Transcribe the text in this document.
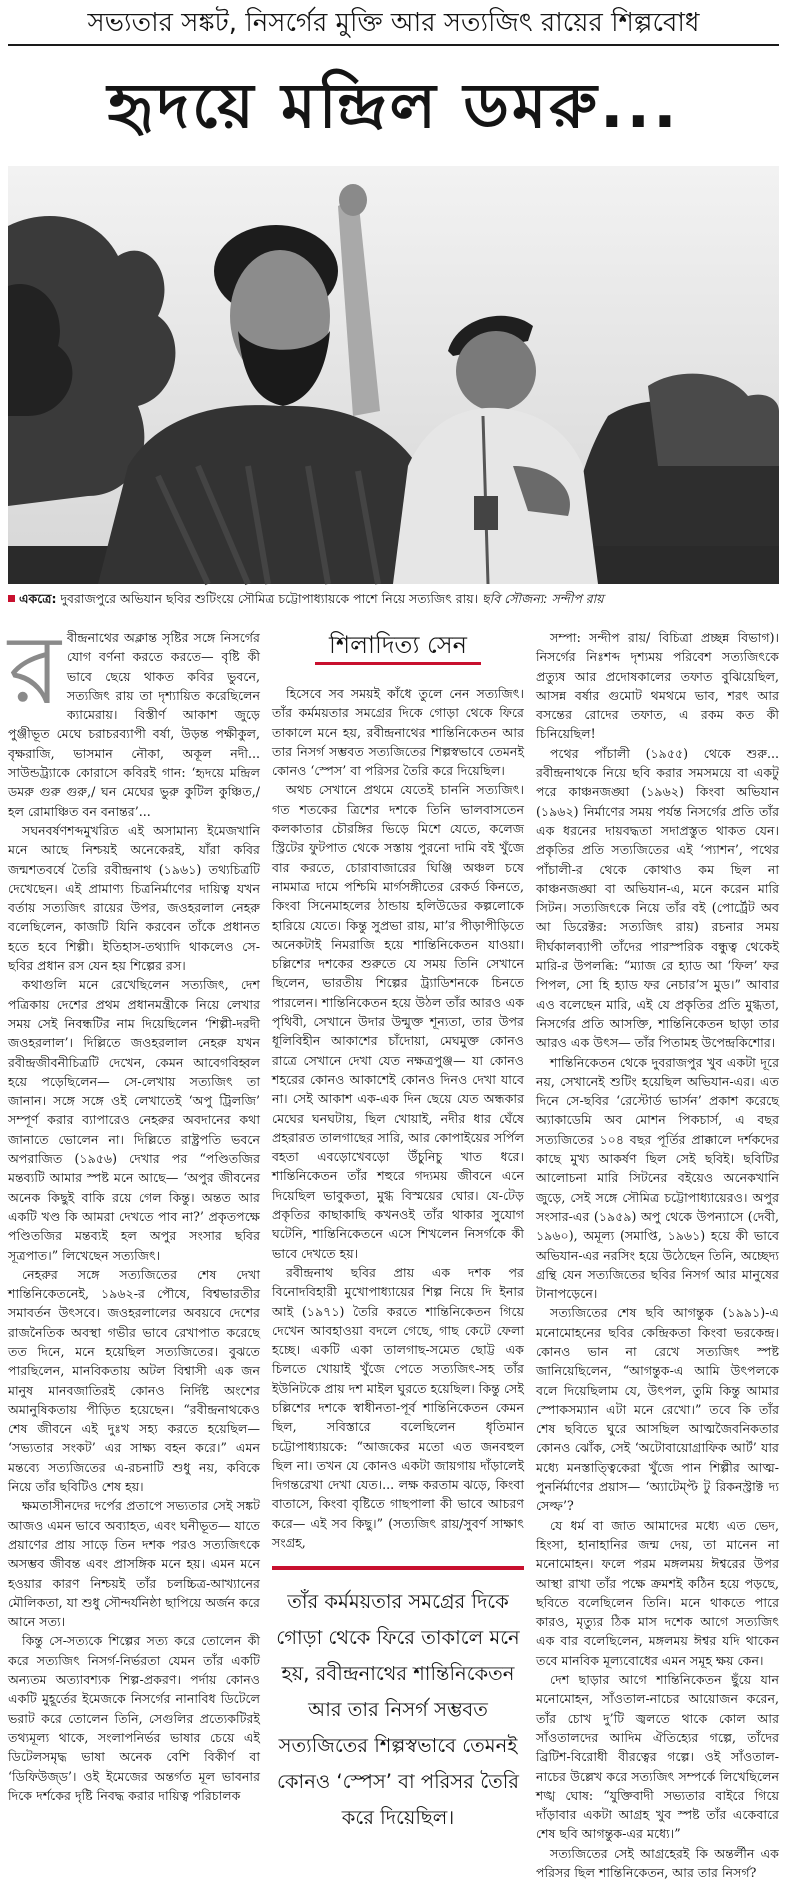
সভ্যতার সঙ্কট, নিসর্গের মুক্তি আর সত্যজিৎ রায়ের শিল্পবোধ
হৃদয়ে মন্দ্রিল ডমরু...
একত্রে: দুবরাজপুরে অভিযান ছবির শুটিংয়ে সৌমিত্র চট্টোপাধ্যায়কে পাশে নিয়ে সত্যজিৎ রায়। ছবি সৌজন্য: সন্দীপ রায়
র বীন্দ্রনাথের অক্লান্ত সৃষ্টির সঙ্গে নিসর্গের যোগ বর্ণনা করতে করতে— বৃষ্টি কী ভাবে ছেয়ে থাকত কবির ভুবনে, সত্যজিৎ রায় তা দৃশ্যায়িত করেছিলেন ক্যামেরায়। বিস্তীর্ণ আকাশ জুড়ে পুঞ্জীভূত মেঘে চরাচরব্যাপী বর্ষা, উড়ন্ত পক্ষীকুল, বৃক্ষরাজি, ভাসমান নৌকা, অকূল নদী... সাউন্ডট্র্যাকে কোরাসে কবিরই গান: ‘হৃদয়ে মন্দ্রিল ডমরু গুরু গুরু,/ ঘন মেঘের ভুরু কুটিল কুঞ্চিত,/ হল রোমাঞ্চিত বন বনান্তর’...

সঘনবর্ষণশব্দমুখরিত এই অসামান্য ইমেজখানি মনে আছে নিশ্চয়ই অনেকেরই, যাঁরা কবির জন্মশতবর্ষে তৈরি রবীন্দ্রনাথ (১৯৬১) তথ্যচিত্রটি দেখেছেন। এই প্রামাণ্য চিত্রনির্মাণের দায়িত্ব যখন বর্তায় সত্যজিৎ রায়ের উপর, জওহরলাল নেহরু বলেছিলেন, কাজটি যিনি করবেন তাঁকে প্রধানত হতে হবে শিল্পী। ইতিহাস-তথ্যাদি থাকলেও সে-ছবির প্রধান রস যেন হয় শিল্পের রস।

কথাগুলি মনে রেখেছিলেন সত্যজিৎ, দেশ পত্রিকায় দেশের প্রথম প্রধানমন্ত্রীকে নিয়ে লেখার সময় সেই নিবন্ধটির নাম দিয়েছিলেন ‘শিল্পী-দরদী জওহরলাল’। দিল্লিতে জওহরলাল নেহরু যখন রবীন্দ্রজীবনীচিত্রটি দেখেন, কেমন আবেগবিহ্বল হয়ে পড়েছিলেন— সে-লেখায় সত্যজিৎ তা জানান। সঙ্গে সঙ্গে ওই লেখাতেই ‘অপু ট্রিলজি’ সম্পূর্ণ করার ব্যাপারেও নেহরুর অবদানের কথা জানাতে ভোলেন না। দিল্লিতে রাষ্ট্রপতি ভবনে অপরাজিত (১৯৫৬) দেখার পর “পণ্ডিতজির মন্তব্যটি আমার স্পষ্ট মনে আছে— ‘অপুর জীবনের অনেক কিছুই বাকি রয়ে গেল কিন্তু। অন্তত আর একটি খণ্ড কি আমরা দেখতে পাব না?’ প্রকৃতপক্ষে পণ্ডিতজির মন্তব্যই হল অপুর সংসার ছবির সূত্রপাত।” লিখেছেন সত্যজিৎ।

নেহরুর সঙ্গে সত্যজিতের শেষ দেখা শান্তিনিকেতনেই, ১৯৬২-র পৌষে, বিশ্বভারতীর সমাবর্তন উৎসবে। জওহরলালের অবয়বে দেশের রাজনৈতিক অবস্থা গভীর ভাবে রেখাপাত করেছে তত দিনে, মনে হয়েছিল সত্যজিতের। বুঝতে পারছিলেন, মানবিকতায় অটল বিশ্বাসী এক জন মানুষ মানবজাতিরই কোনও নির্দিষ্ট অংশের অমানুষিকতায় পীড়িত হয়েছেন। “রবীন্দ্রনাথকেও শেষ জীবনে এই দুঃখ সহ্য করতে হয়েছিল— ‘সভ্যতার সংকট’ এর সাক্ষ্য বহন করে।” এমন মন্তব্যে সত্যজিতের এ-রচনাটি শুধু নয়, কবিকে নিয়ে তাঁর ছবিটিও শেষ হয়।

ক্ষমতাসীনদের দর্পের প্রতাপে সভ্যতার সেই সঙ্কট আজও এমন ভাবে অব্যাহত, এবং ঘনীভূত— যাতে প্রয়াণের প্রায় সাড়ে তিন দশক পরও সত্যজিৎকে অসম্ভব জীবন্ত এবং প্রাসঙ্গিক মনে হয়। এমন মনে হওয়ার কারণ নিশ্চয়ই তাঁর চলচ্চিত্র-আখ্যানের মৌলিকতা, যা শুধু সৌন্দর্যনিষ্ঠা ছাপিয়ে অর্জন করে আনে সত্য।

কিন্তু সে-সত্যকে শিল্পের সত্য করে তোলেন কী করে সত্যজিৎ নিসর্গ-নির্ভরতা যেমন তাঁর একটি অন্যতম অত্যাবশ্যক শিল্প-প্রকরণ। পর্দায় কোনও একটি মুহূর্তের ইমেজকে নিসর্গের নানাবিধ ডিটেলে ভরাট করে তোলেন তিনি, সেগুলির প্রত্যেকটিরই তথ্যমূল্য থাকে, সংলাপনির্ভর ভাষার চেয়ে এই ডিটেলসমৃদ্ধ ভাষা অনেক বেশি বিকীর্ণ বা ‘ডিফিউজ্ড’। ওই ইমেজের অন্তর্গত মূল ভাবনার দিকে দর্শকের দৃষ্টি নিবদ্ধ করার দায়িত্ব পরিচালক

শিলাদিত্য সেন

হিসেবে সব সময়ই কাঁধে তুলে নেন সত্যজিৎ। তাঁর কর্মময়তার সমগ্রের দিকে গোড়া থেকে ফিরে তাকালে মনে হয়, রবীন্দ্রনাথের শান্তিনিকেতন আর তার নিসর্গ সম্ভবত সত্যজিতের শিল্পস্বভাবে তেমনই কোনও ‘স্পেস’ বা পরিসর তৈরি করে দিয়েছিল।

অথচ সেখানে প্রথমে যেতেই চাননি সত্যজিৎ। গত শতকের ত্রিশের দশকে তিনি ভালবাসতেন কলকাতার চৌরঙ্গির ভিড়ে মিশে যেতে, কলেজ স্ট্রিটের ফুটপাত থেকে সস্তায় পুরনো দামি বই খুঁজে বার করতে, চোরাবাজারের ঘিঞ্জি অঞ্চল চষে নামমাত্র দামে পশ্চিমি মার্গসঙ্গীতের রেকর্ড কিনতে, কিংবা সিনেমাহলের ঠান্ডায় হলিউডের কল্পলোকে হারিয়ে যেতে। কিন্তু সুপ্রভা রায়, মা’র পীড়াপীড়িতে অনেকটাই নিমরাজি হয়ে শান্তিনিকেতন যাওয়া। চল্লিশের দশকের শুরুতে যে সময় তিনি সেখানে ছিলেন, ভারতীয় শিল্পের ট্র্যাডিশনকে চিনতে পারলেন। শান্তিনিকেতন হয়ে উঠল তাঁর আরও এক পৃথিবী, সেখানে উদার উন্মুক্ত শূন্যতা, তার উপর ধূলিবিহীন আকাশের চাঁদোয়া, মেঘমুক্ত কোনও রাত্রে সেখানে দেখা যেত নক্ষত্রপুঞ্জ— যা কোনও শহরের কোনও আকাশেই কোনও দিনও দেখা যাবে না। সেই আকাশ এক-এক দিন ছেয়ে যেত অন্ধকার মেঘের ঘনঘটায়, ছিল খোয়াই, নদীর ধার ঘেঁষে প্রহরারত তালগাছের সারি, আর কোপাইয়ের সর্পিল বহতা এবড়োখেবড়ো উঁচুনিচু খাত ধরে। শান্তিনিকেতন তাঁর শহুরে গদ্যময় জীবনে এনে দিয়েছিল ভাবুকতা, মুগ্ধ বিস্ময়ের ঘোর। যে-টেড় প্রকৃতির কাছাকাছি কখনওই তাঁর থাকার সুযোগ ঘটেনি, শান্তিনিকেতনে এসে শিখলেন নিসর্গকে কী ভাবে দেখতে হয়।

রবীন্দ্রনাথ ছবির প্রায় এক দশক পর বিনোদবিহারী মুখোপাধ্যায়ের শিল্প নিয়ে দি ইনার আই (১৯৭১) তৈরি করতে শান্তিনিকেতন গিয়ে দেখেন আবহাওয়া বদলে গেছে, গাছ কেটে ফেলা হচ্ছে। একটি একা তালগাছ-সমেত ছোট্ট এক চিলতে খোয়াই খুঁজে পেতে সত্যজিৎ-সহ তাঁর ইউনিটকে প্রায় দশ মাইল ঘুরতে হয়েছিল। কিন্তু সেই চল্লিশের দশকে স্বাধীনতা-পূর্ব শান্তিনিকেতন কেমন ছিল, সবিস্তারে বলেছিলেন ধৃতিমান চট্টোপাধ্যায়কে: “আজকের মতো এত জনবহুল ছিল না। তখন যে কোনও একটা জায়গায় দাঁড়ালেই দিগন্তরেখা দেখা যেত।... লক্ষ করতাম ঝড়ে, কিংবা বাতাসে, কিংবা বৃষ্টিতে গাছপালা কী ভাবে আচরণ করে— এই সব কিছু।” (সত্যজিৎ রায়/সুবর্ণ সাক্ষাৎ সংগ্রহ,

তাঁর কর্মময়তার সমগ্রের দিকে গোড়া থেকে ফিরে তাকালে মনে হয়, রবীন্দ্রনাথের শান্তিনিকেতন আর তার নিসর্গ সম্ভবত সত্যজিতের শিল্পস্বভাবে তেমনই কোনও ‘স্পেস’ বা পরিসর তৈরি করে দিয়েছিল।

সম্পা: সন্দীপ রায়/ বিচিত্রা প্রচ্ছন্ন বিভাগ)। নিসর্গের নিঃশব্দ দৃশ্যময় পরিবেশ সত্যজিৎকে প্রত্যুষ আর প্রদোষকালের তফাত বুঝিয়েছিল, আসন্ন বর্ষার গুমোট থমথমে ভাব, শরৎ আর বসন্তের রোদের তফাত, এ রকম কত কী চিনিয়েছিল!

পথের পাঁচালী (১৯৫৫) থেকে শুরু... রবীন্দ্রনাথকে নিয়ে ছবি করার সমসময়ে বা একটু পরে কাঞ্চনজঙ্ঘা (১৯৬২) কিংবা অভিযান (১৯৬২) নির্মাণের সময় পর্যন্ত নিসর্গের প্রতি তাঁর এক ধরনের দায়বদ্ধতা সদাপ্রস্তুত থাকত যেন। প্রকৃতির প্রতি সত্যজিতের এই ‘প্যাশন’, পথের পাঁচালী-র থেকে কোথাও কম ছিল না কাঞ্চনজঙ্ঘা বা অভিযান-এ, মনে করেন মারি সিটন। সত্যজিৎকে নিয়ে তাঁর বই (পোর্ট্রেট অব আ ডিরেক্টর: সত্যজিৎ রায়) রচনার সময় দীর্ঘকালব্যাপী তাঁদের পারস্পরিক বন্ধুত্ব থেকেই মারি-র উপলব্ধি: “ম্যাজ রে হ্যাড আ ‘ফিল’ ফর পিপল, সো হি হ্যাড ফর নেচার’স মুড।” আবার এও বলেছেন মারি, এই যে প্রকৃতির প্রতি মুগ্ধতা, নিসর্গের প্রতি আসক্তি, শান্তিনিকেতন ছাড়া তার আরও এক উৎস— তাঁর পিতামহ উপেন্দ্রকিশোর।

শান্তিনিকেতন থেকে দুবরাজপুর খুব একটা দূরে নয়, সেখানেই শুটিং হয়েছিল অভিযান-এর। এত দিনে সে-ছবির ‘রেস্টোর্ড ভার্সন’ প্রকাশ করেছে অ্যাকাডেমি অব মোশন পিকচার্স, এ বছর সত্যজিতের ১০৪ বছর পূর্তির প্রাক্কালে দর্শকদের কাছে মুখ্য আকর্ষণ ছিল সেই ছবিই। ছবিটির আলোচনা মারি সিটনের বইয়েও অনেকখানি জুড়ে, সেই সঙ্গে সৌমিত্র চট্টোপাধ্যায়েরও। অপুর সংসার-এর (১৯৫৯) অপু থেকে উপন্যাসে (দেবী, ১৯৬০), অমূল্য (সমাপ্তি, ১৯৬১) হয়ে কী ভাবে অভিযান-এর নরসিং হয়ে উঠেছেন তিনি, অচ্ছেদ্য গ্রন্থি যেন সত্যজিতের ছবির নিসর্গ আর মানুষের টানাপড়েনে।

সত্যজিতের শেষ ছবি আগন্তুক (১৯৯১)-এ মনোমোহনের ছবির কেন্দ্রিকতা কিংবা ভরকেন্দ্র। কোনও ভান না রেখে সত্যজিৎ স্পষ্ট জানিয়েছিলেন, “আগন্তুক-এ আমি উৎপলকে বলে দিয়েছিলাম যে, উৎপল, তুমি কিন্তু আমার স্পোকসম্যান এটা মনে রেখো।” তবে কি তাঁর শেষ ছবিতে ঘুরে আসছিল আত্মজৈবনিকতার কোনও ঝোঁক, সেই ‘অটোবায়োগ্রাফিক আর্ট’ যার মধ্যে মনস্তাত্ত্বিকেরা খুঁজে পান শিল্পীর আত্ম-পুনর্নির্মাণের প্রয়াস— ‘অ্যাটেম্প্ট টু রিকনস্ট্রাক্ট দ্য সেল্ফ’?

যে ধর্ম বা জাত আমাদের মধ্যে এত ভেদ, হিংসা, হানাহানির জন্ম দেয়, তা মানেন না মনোমোহন। ফলে পরম মঙ্গলময় ঈশ্বরের উপর আস্থা রাখা তাঁর পক্ষে ক্রমশই কঠিন হয়ে পড়ছে, ছবিতে বলেছিলেন তিনি। মনে থাকতে পারে কারও, মৃত্যুর ঠিক মাস দশেক আগে সত্যজিৎ এক বার বলেছিলেন, মঙ্গলময় ঈশ্বর যদি থাকেন তবে মানবিক মূল্যবোধের এমন সমূহ ক্ষয় কেন।

দেশ ছাড়ার আগে শান্তিনিকেতন ছুঁয়ে যান মনোমোহন, সাঁওতাল-নাচের আয়োজন করেন, তাঁর চোখ দু’টি জ্বলতে থাকে কোল আর সাঁওতালদের আদিম ঐতিহ্যের গল্পে, তাঁদের ব্রিটিশ-বিরোধী বীরত্বের গল্পে। ওই সাঁওতাল-নাচের উল্লেখ করে সত্যজিৎ সম্পর্কে লিখেছিলেন শঙ্খ ঘোষ: “যুক্তিবাদী সভ্যতার বাইরে গিয়ে দাঁড়াবার একটা আগ্রহ খুব স্পষ্ট তাঁর একেবারে শেষ ছবি আগন্তুক-এর মধ্যে।”

সত্যজিতের সেই আগ্রহেরই কি অন্তর্লীন এক পরিসর ছিল শান্তিনিকেতন, আর তার নিসর্গ?
